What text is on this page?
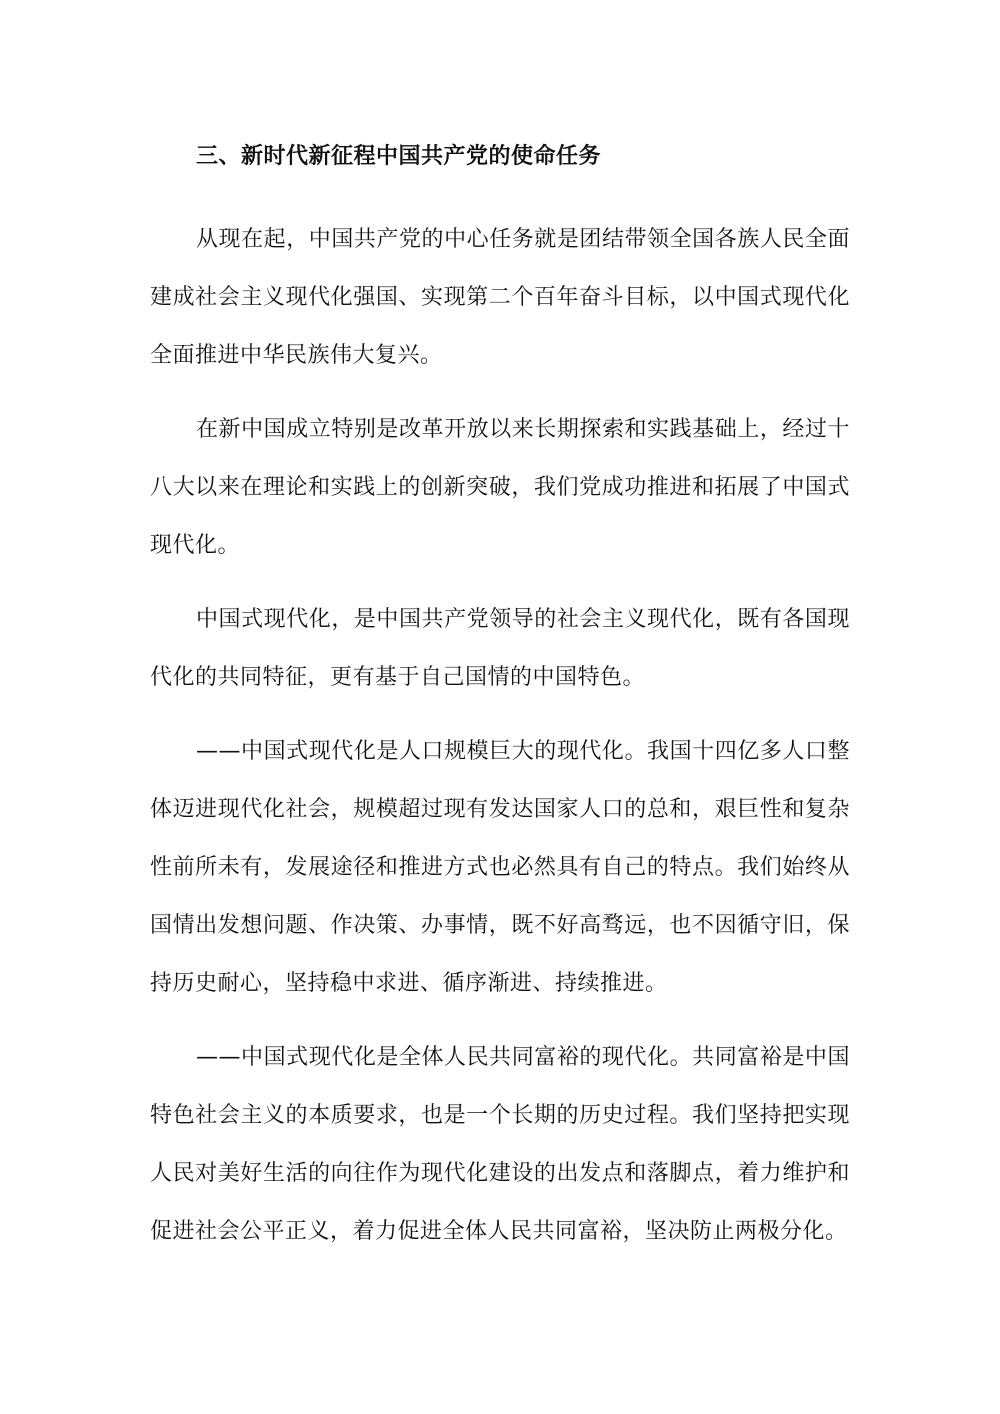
三、新时代新征程中国共产党的使命任务

从现在起，中国共产党的中心任务就是团结带领全国各族人民全面
建成社会主义现代化强国、实现第二个百年奋斗目标，以中国式现代化
全面推进中华民族伟大复兴。

在新中国成立特别是改革开放以来长期探索和实践基础上，经过十
八大以来在理论和实践上的创新突破，我们党成功推进和拓展了中国式
现代化。

中国式现代化，是中国共产党领导的社会主义现代化，既有各国现
代化的共同特征，更有基于自己国情的中国特色。

——中国式现代化是人口规模巨大的现代化。我国十四亿多人口整
体迈进现代化社会，规模超过现有发达国家人口的总和，艰巨性和复杂
性前所未有，发展途径和推进方式也必然具有自己的特点。我们始终从
国情出发想问题、作决策、办事情，既不好高骛远，也不因循守旧，保
持历史耐心，坚持稳中求进、循序渐进、持续推进。

——中国式现代化是全体人民共同富裕的现代化。共同富裕是中国
特色社会主义的本质要求，也是一个长期的历史过程。我们坚持把实现
人民对美好生活的向往作为现代化建设的出发点和落脚点，着力维护和
促进社会公平正义，着力促进全体人民共同富裕，坚决防止两极分化。
